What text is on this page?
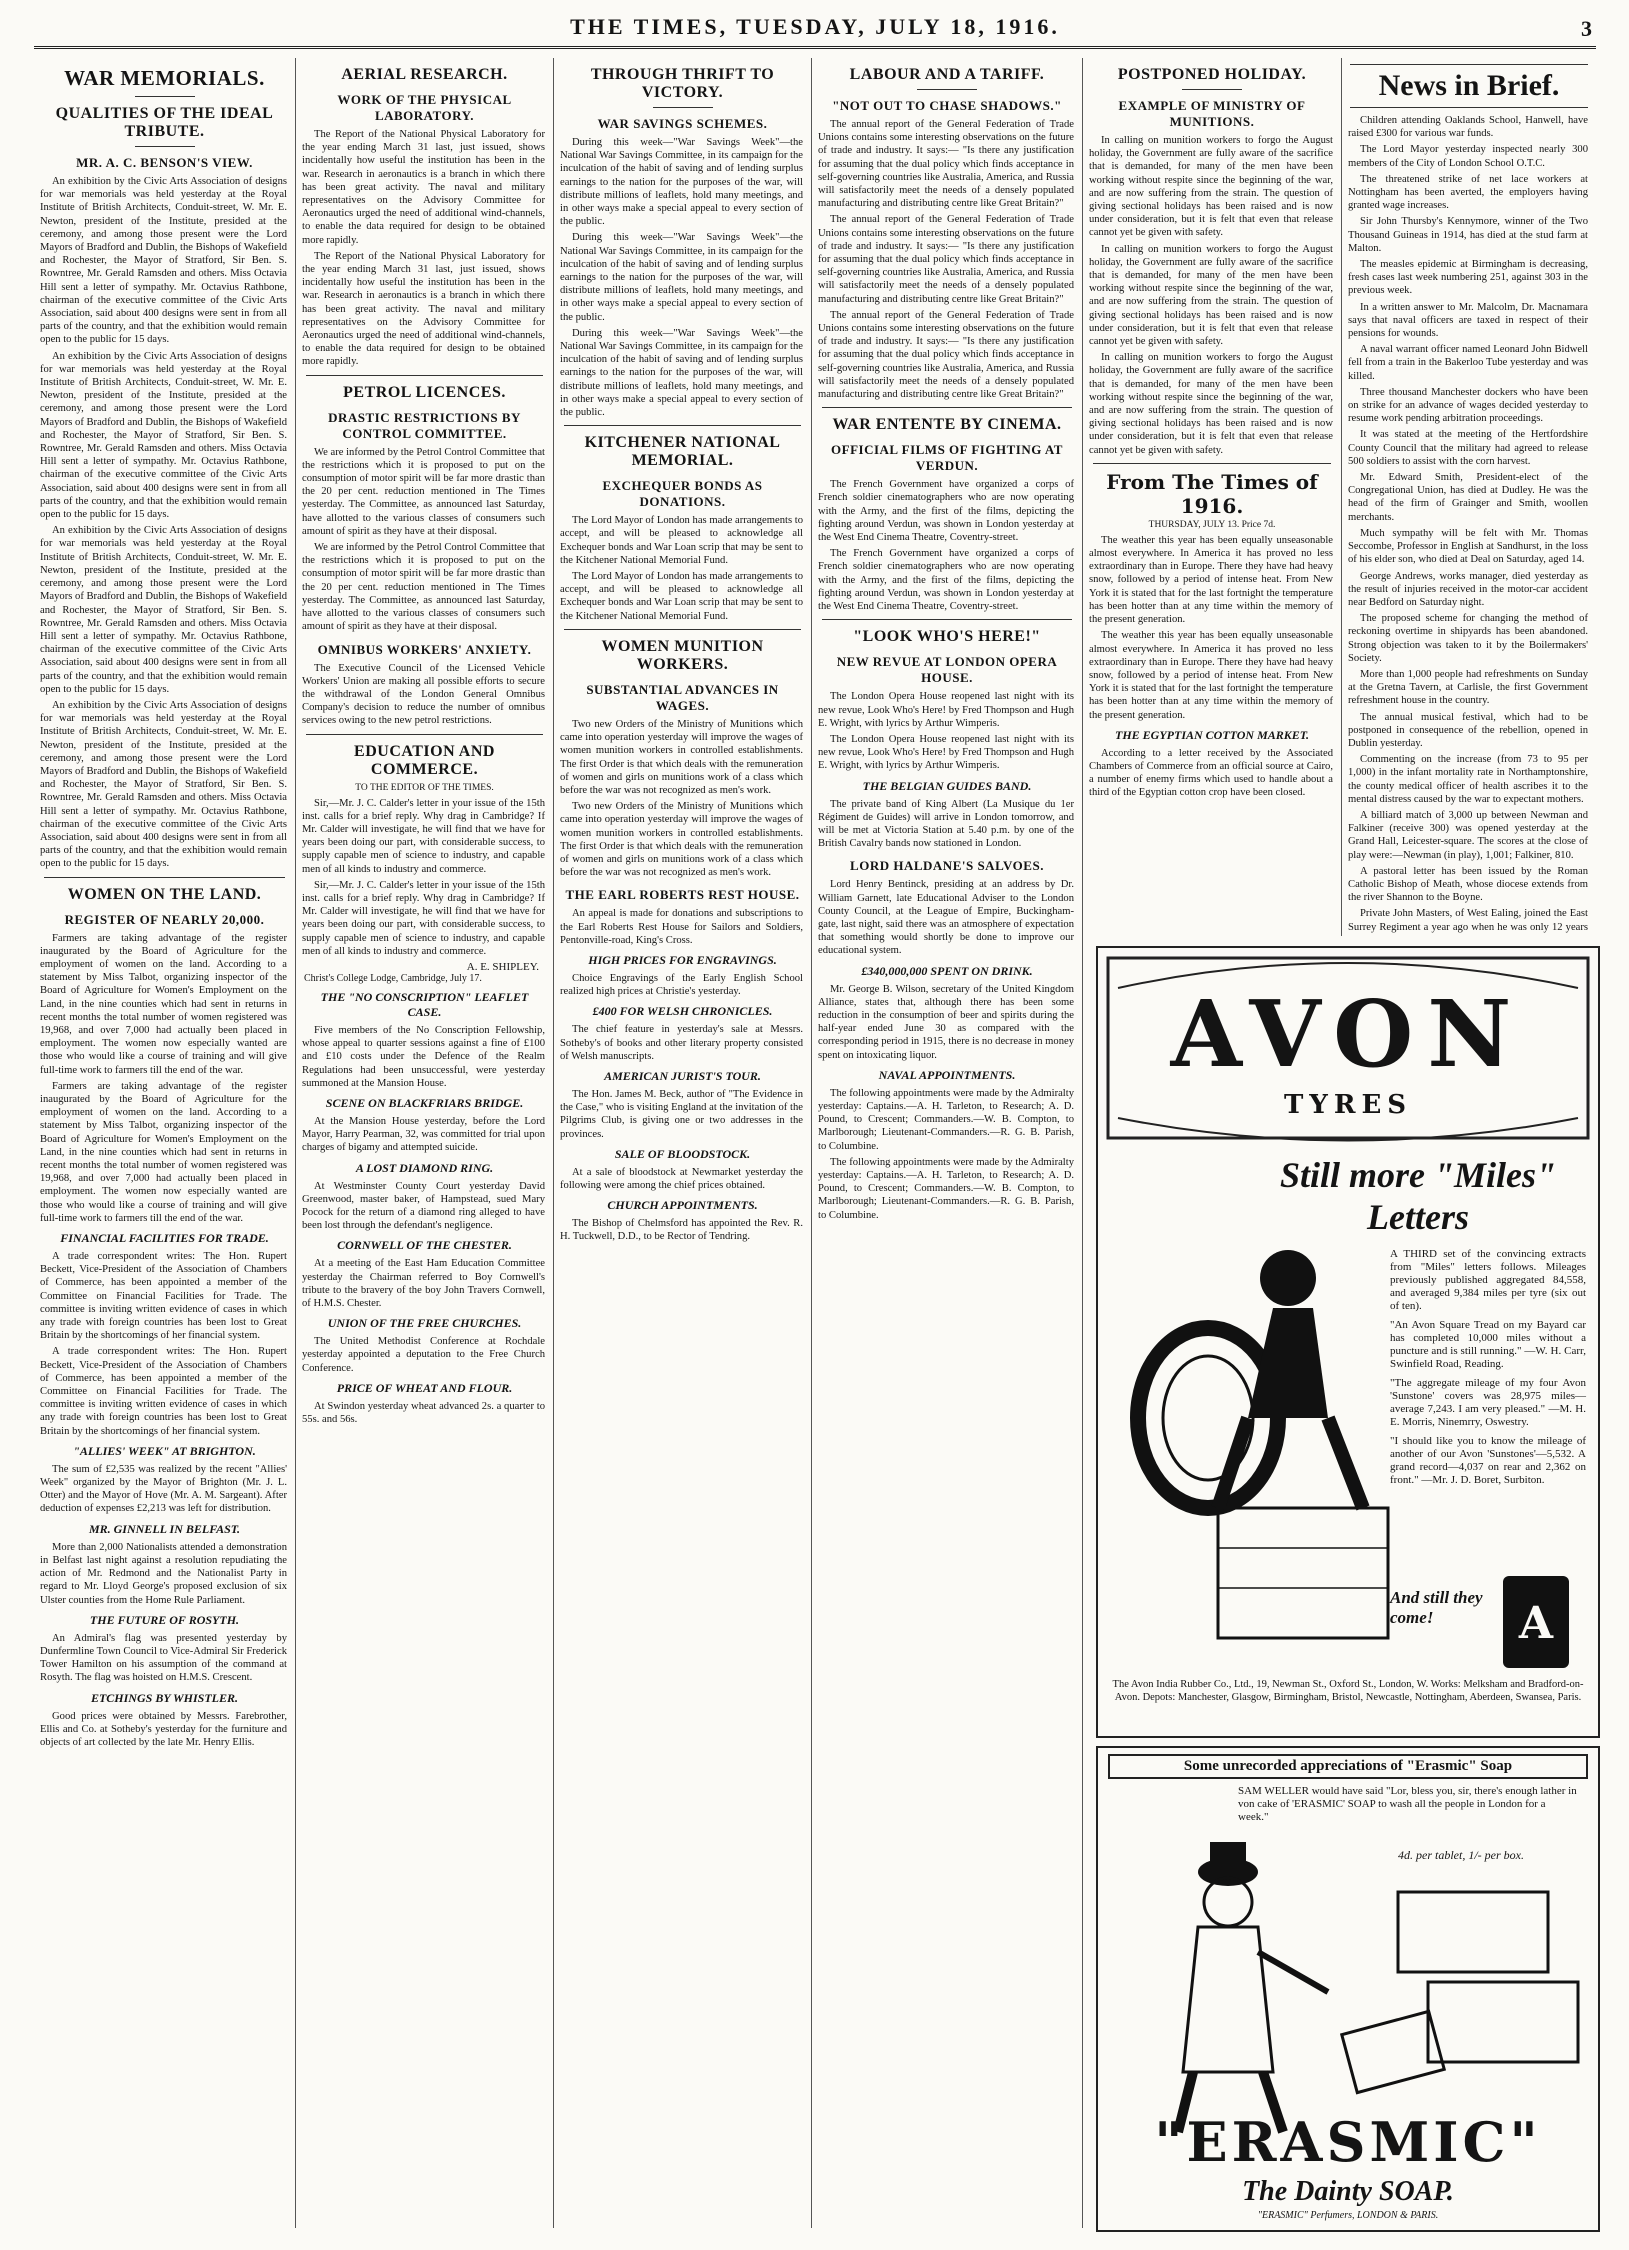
THE TIMES, TUESDAY, JULY 18, 1916.	3
WAR MEMORIALS.
QUALITIES OF THE IDEAL TRIBUTE.
MR. A. C. BENSON'S VIEW.

An exhibition by the Civic Arts Association of designs for war memorials was held yesterday at the Royal Institute of British Architects, Conduit-street, W. Mr. E. Newton, president of the Institute, presided at the ceremony, and among those present were the Lord Mayors of Bradford and Dublin, the Bishops of Wakefield and Rochester, the Mayor of Stratford, Sir Ben. S. Rowntree, Mr. Gerald Ramsden and others. Miss Octavia Hill sent a letter of sympathy. Mr. Octavius Rathbone, chairman of the executive committee of the Civic Arts Association, said about 400 designs were sent in from all parts of the country, and that the exhibition would remain open to the public for 15 days.

An exhibition by the Civic Arts Association of designs for war memorials was held yesterday at the Royal Institute of British Architects, Conduit-street, W. Mr. E. Newton, president of the Institute, presided at the ceremony, and among those present were the Lord Mayors of Bradford and Dublin, the Bishops of Wakefield and Rochester, the Mayor of Stratford, Sir Ben. S. Rowntree, Mr. Gerald Ramsden and others. Miss Octavia Hill sent a letter of sympathy. Mr. Octavius Rathbone, chairman of the executive committee of the Civic Arts Association, said about 400 designs were sent in from all parts of the country, and that the exhibition would remain open to the public for 15 days.

An exhibition by the Civic Arts Association of designs for war memorials was held yesterday at the Royal Institute of British Architects, Conduit-street, W. Mr. E. Newton, president of the Institute, presided at the ceremony, and among those present were the Lord Mayors of Bradford and Dublin, the Bishops of Wakefield and Rochester, the Mayor of Stratford, Sir Ben. S. Rowntree, Mr. Gerald Ramsden and others. Miss Octavia Hill sent a letter of sympathy. Mr. Octavius Rathbone, chairman of the executive committee of the Civic Arts Association, said about 400 designs were sent in from all parts of the country, and that the exhibition would remain open to the public for 15 days.

An exhibition by the Civic Arts Association of designs for war memorials was held yesterday at the Royal Institute of British Architects, Conduit-street, W. Mr. E. Newton, president of the Institute, presided at the ceremony, and among those present were the Lord Mayors of Bradford and Dublin, the Bishops of Wakefield and Rochester, the Mayor of Stratford, Sir Ben. S. Rowntree, Mr. Gerald Ramsden and others. Miss Octavia Hill sent a letter of sympathy. Mr. Octavius Rathbone, chairman of the executive committee of the Civic Arts Association, said about 400 designs were sent in from all parts of the country, and that the exhibition would remain open to the public for 15 days.

WOMEN ON THE LAND.
REGISTER OF NEARLY 20,000.

Farmers are taking advantage of the register inaugurated by the Board of Agriculture for the employment of women on the land. According to a statement by Miss Talbot, organizing inspector of the Board of Agriculture for Women's Employment on the Land, in the nine counties which had sent in returns in recent months the total number of women registered was 19,968, and over 7,000 had actually been placed in employment. The women now especially wanted are those who would like a course of training and will give full-time work to farmers till the end of the war.

Farmers are taking advantage of the register inaugurated by the Board of Agriculture for the employment of women on the land. According to a statement by Miss Talbot, organizing inspector of the Board of Agriculture for Women's Employment on the Land, in the nine counties which had sent in returns in recent months the total number of women registered was 19,968, and over 7,000 had actually been placed in employment. The women now especially wanted are those who would like a course of training and will give full-time work to farmers till the end of the war.

FINANCIAL FACILITIES FOR TRADE.

A trade correspondent writes: The Hon. Rupert Beckett, Vice-President of the Association of Chambers of Commerce, has been appointed a member of the Committee on Financial Facilities for Trade. The committee is inviting written evidence of cases in which any trade with foreign countries has been lost to Great Britain by the shortcomings of her financial system.

A trade correspondent writes: The Hon. Rupert Beckett, Vice-President of the Association of Chambers of Commerce, has been appointed a member of the Committee on Financial Facilities for Trade. The committee is inviting written evidence of cases in which any trade with foreign countries has been lost to Great Britain by the shortcomings of her financial system.

"ALLIES' WEEK" AT BRIGHTON.

The sum of £2,535 was realized by the recent "Allies' Week" organized by the Mayor of Brighton (Mr. J. L. Otter) and the Mayor of Hove (Mr. A. M. Sargeant). After deduction of expenses £2,213 was left for distribution.

MR. GINNELL IN BELFAST.

More than 2,000 Nationalists attended a demonstration in Belfast last night against a resolution repudiating the action of Mr. Redmond and the Nationalist Party in regard to Mr. Lloyd George's proposed exclusion of six Ulster counties from the Home Rule Parliament.

THE FUTURE OF ROSYTH.

An Admiral's flag was presented yesterday by Dunfermline Town Council to Vice-Admiral Sir Frederick Tower Hamilton on his assumption of the command at Rosyth. The flag was hoisted on H.M.S. Crescent.

ETCHINGS BY WHISTLER.

Good prices were obtained by Messrs. Farebrother, Ellis and Co. at Sotheby's yesterday for the furniture and objects of art collected by the late Mr. Henry Ellis.

AERIAL RESEARCH.
WORK OF THE PHYSICAL LABORATORY.

The Report of the National Physical Laboratory for the year ending March 31 last, just issued, shows incidentally how useful the institution has been in the war. Research in aeronautics is a branch in which there has been great activity. The naval and military representatives on the Advisory Committee for Aeronautics urged the need of additional wind-channels, to enable the data required for design to be obtained more rapidly.

The Report of the National Physical Laboratory for the year ending March 31 last, just issued, shows incidentally how useful the institution has been in the war. Research in aeronautics is a branch in which there has been great activity. The naval and military representatives on the Advisory Committee for Aeronautics urged the need of additional wind-channels, to enable the data required for design to be obtained more rapidly.

PETROL LICENCES.
DRASTIC RESTRICTIONS BY CONTROL COMMITTEE.

We are informed by the Petrol Control Committee that the restrictions which it is proposed to put on the consumption of motor spirit will be far more drastic than the 20 per cent. reduction mentioned in The Times yesterday. The Committee, as announced last Saturday, have allotted to the various classes of consumers such amount of spirit as they have at their disposal.

We are informed by the Petrol Control Committee that the restrictions which it is proposed to put on the consumption of motor spirit will be far more drastic than the 20 per cent. reduction mentioned in The Times yesterday. The Committee, as announced last Saturday, have allotted to the various classes of consumers such amount of spirit as they have at their disposal.

OMNIBUS WORKERS' ANXIETY.

The Executive Council of the Licensed Vehicle Workers' Union are making all possible efforts to secure the withdrawal of the London General Omnibus Company's decision to reduce the number of omnibus services owing to the new petrol restrictions.

EDUCATION AND COMMERCE.
TO THE EDITOR OF THE TIMES.

Sir,—Mr. J. C. Calder's letter in your issue of the 15th inst. calls for a brief reply. Why drag in Cambridge? If Mr. Calder will investigate, he will find that we have for years been doing our part, with considerable success, to supply capable men of science to industry, and capable men of all kinds to industry and commerce.

Sir,—Mr. J. C. Calder's letter in your issue of the 15th inst. calls for a brief reply. Why drag in Cambridge? If Mr. Calder will investigate, he will find that we have for years been doing our part, with considerable success, to supply capable men of science to industry, and capable men of all kinds to industry and commerce.

A. E. SHIPLEY.
Christ's College Lodge, Cambridge, July 17.
THE "NO CONSCRIPTION" LEAFLET CASE.

Five members of the No Conscription Fellowship, whose appeal to quarter sessions against a fine of £100 and £10 costs under the Defence of the Realm Regulations had been unsuccessful, were yesterday summoned at the Mansion House.

SCENE ON BLACKFRIARS BRIDGE.

At the Mansion House yesterday, before the Lord Mayor, Harry Pearman, 32, was committed for trial upon charges of bigamy and attempted suicide.

A LOST DIAMOND RING.

At Westminster County Court yesterday David Greenwood, master baker, of Hampstead, sued Mary Pocock for the return of a diamond ring alleged to have been lost through the defendant's negligence.

CORNWELL OF THE CHESTER.

At a meeting of the East Ham Education Committee yesterday the Chairman referred to Boy Cornwell's tribute to the bravery of the boy John Travers Cornwell, of H.M.S. Chester.

UNION OF THE FREE CHURCHES.

The United Methodist Conference at Rochdale yesterday appointed a deputation to the Free Church Conference.

PRICE OF WHEAT AND FLOUR.

At Swindon yesterday wheat advanced 2s. a quarter to 55s. and 56s.

THROUGH THRIFT TO VICTORY.
WAR SAVINGS SCHEMES.

During this week—"War Savings Week"—the National War Savings Committee, in its campaign for the inculcation of the habit of saving and of lending surplus earnings to the nation for the purposes of the war, will distribute millions of leaflets, hold many meetings, and in other ways make a special appeal to every section of the public.

During this week—"War Savings Week"—the National War Savings Committee, in its campaign for the inculcation of the habit of saving and of lending surplus earnings to the nation for the purposes of the war, will distribute millions of leaflets, hold many meetings, and in other ways make a special appeal to every section of the public.

During this week—"War Savings Week"—the National War Savings Committee, in its campaign for the inculcation of the habit of saving and of lending surplus earnings to the nation for the purposes of the war, will distribute millions of leaflets, hold many meetings, and in other ways make a special appeal to every section of the public.

KITCHENER NATIONAL MEMORIAL.
EXCHEQUER BONDS AS DONATIONS.

The Lord Mayor of London has made arrangements to accept, and will be pleased to acknowledge all Exchequer bonds and War Loan scrip that may be sent to the Kitchener National Memorial Fund.

The Lord Mayor of London has made arrangements to accept, and will be pleased to acknowledge all Exchequer bonds and War Loan scrip that may be sent to the Kitchener National Memorial Fund.

WOMEN MUNITION WORKERS.
SUBSTANTIAL ADVANCES IN WAGES.

Two new Orders of the Ministry of Munitions which came into operation yesterday will improve the wages of women munition workers in controlled establishments. The first Order is that which deals with the remuneration of women and girls on munitions work of a class which before the war was not recognized as men's work.

Two new Orders of the Ministry of Munitions which came into operation yesterday will improve the wages of women munition workers in controlled establishments. The first Order is that which deals with the remuneration of women and girls on munitions work of a class which before the war was not recognized as men's work.

THE EARL ROBERTS REST HOUSE.

An appeal is made for donations and subscriptions to the Earl Roberts Rest House for Sailors and Soldiers, Pentonville-road, King's Cross.

HIGH PRICES FOR ENGRAVINGS.

Choice Engravings of the Early English School realized high prices at Christie's yesterday.

£400 FOR WELSH CHRONICLES.

The chief feature in yesterday's sale at Messrs. Sotheby's of books and other literary property consisted of Welsh manuscripts.

AMERICAN JURIST'S TOUR.

The Hon. James M. Beck, author of "The Evidence in the Case," who is visiting England at the invitation of the Pilgrims Club, is giving one or two addresses in the provinces.

SALE OF BLOODSTOCK.

At a sale of bloodstock at Newmarket yesterday the following were among the chief prices obtained.

CHURCH APPOINTMENTS.

The Bishop of Chelmsford has appointed the Rev. R. H. Tuckwell, D.D., to be Rector of Tendring.

LABOUR AND A TARIFF.
"NOT OUT TO CHASE SHADOWS."

The annual report of the General Federation of Trade Unions contains some interesting observations on the future of trade and industry. It says:— "Is there any justification for assuming that the dual policy which finds acceptance in self-governing countries like Australia, America, and Russia will satisfactorily meet the needs of a densely populated manufacturing and distributing centre like Great Britain?"

The annual report of the General Federation of Trade Unions contains some interesting observations on the future of trade and industry. It says:— "Is there any justification for assuming that the dual policy which finds acceptance in self-governing countries like Australia, America, and Russia will satisfactorily meet the needs of a densely populated manufacturing and distributing centre like Great Britain?"

The annual report of the General Federation of Trade Unions contains some interesting observations on the future of trade and industry. It says:— "Is there any justification for assuming that the dual policy which finds acceptance in self-governing countries like Australia, America, and Russia will satisfactorily meet the needs of a densely populated manufacturing and distributing centre like Great Britain?"

WAR ENTENTE BY CINEMA.
OFFICIAL FILMS OF FIGHTING AT VERDUN.

The French Government have organized a corps of French soldier cinematographers who are now operating with the Army, and the first of the films, depicting the fighting around Verdun, was shown in London yesterday at the West End Cinema Theatre, Coventry-street.

The French Government have organized a corps of French soldier cinematographers who are now operating with the Army, and the first of the films, depicting the fighting around Verdun, was shown in London yesterday at the West End Cinema Theatre, Coventry-street.

"LOOK WHO'S HERE!"
NEW REVUE AT LONDON OPERA HOUSE.

The London Opera House reopened last night with its new revue, Look Who's Here! by Fred Thompson and Hugh E. Wright, with lyrics by Arthur Wimperis.

The London Opera House reopened last night with its new revue, Look Who's Here! by Fred Thompson and Hugh E. Wright, with lyrics by Arthur Wimperis.

THE BELGIAN GUIDES BAND.

The private band of King Albert (La Musique du 1er Régiment de Guides) will arrive in London tomorrow, and will be met at Victoria Station at 5.40 p.m. by one of the British Cavalry bands now stationed in London.

LORD HALDANE'S SALVOES.

Lord Henry Bentinck, presiding at an address by Dr. William Garnett, late Educational Adviser to the London County Council, at the League of Empire, Buckingham-gate, last night, said there was an atmosphere of expectation that something would shortly be done to improve our educational system.

£340,000,000 SPENT ON DRINK.

Mr. George B. Wilson, secretary of the United Kingdom Alliance, states that, although there has been some reduction in the consumption of beer and spirits during the half-year ended June 30 as compared with the corresponding period in 1915, there is no decrease in money spent on intoxicating liquor.

NAVAL APPOINTMENTS.

The following appointments were made by the Admiralty yesterday: Captains.—A. H. Tarleton, to Research; A. D. Pound, to Crescent; Commanders.—W. B. Compton, to Marlborough; Lieutenant-Commanders.—R. G. B. Parish, to Columbine.

The following appointments were made by the Admiralty yesterday: Captains.—A. H. Tarleton, to Research; A. D. Pound, to Crescent; Commanders.—W. B. Compton, to Marlborough; Lieutenant-Commanders.—R. G. B. Parish, to Columbine.

POSTPONED HOLIDAY.
EXAMPLE OF MINISTRY OF MUNITIONS.

In calling on munition workers to forgo the August holiday, the Government are fully aware of the sacrifice that is demanded, for many of the men have been working without respite since the beginning of the war, and are now suffering from the strain. The question of giving sectional holidays has been raised and is now under consideration, but it is felt that even that release cannot yet be given with safety.

In calling on munition workers to forgo the August holiday, the Government are fully aware of the sacrifice that is demanded, for many of the men have been working without respite since the beginning of the war, and are now suffering from the strain. The question of giving sectional holidays has been raised and is now under consideration, but it is felt that even that release cannot yet be given with safety.

In calling on munition workers to forgo the August holiday, the Government are fully aware of the sacrifice that is demanded, for many of the men have been working without respite since the beginning of the war, and are now suffering from the strain. The question of giving sectional holidays has been raised and is now under consideration, but it is felt that even that release cannot yet be given with safety.

From The Times of 1916.
THURSDAY, JULY 13. Price 7d.

The weather this year has been equally unseasonable almost everywhere. In America it has proved no less extraordinary than in Europe. There they have had heavy snow, followed by a period of intense heat. From New York it is stated that for the last fortnight the temperature has been hotter than at any time within the memory of the present generation.

The weather this year has been equally unseasonable almost everywhere. In America it has proved no less extraordinary than in Europe. There they have had heavy snow, followed by a period of intense heat. From New York it is stated that for the last fortnight the temperature has been hotter than at any time within the memory of the present generation.

THE EGYPTIAN COTTON MARKET.

According to a letter received by the Associated Chambers of Commerce from an official source at Cairo, a number of enemy firms which used to handle about a third of the Egyptian cotton crop have been closed.

News in Brief.

Children attending Oaklands School, Hanwell, have raised £300 for various war funds.

The Lord Mayor yesterday inspected nearly 300 members of the City of London School O.T.C.

The threatened strike of net lace workers at Nottingham has been averted, the employers having granted wage increases.

Sir John Thursby's Kennymore, winner of the Two Thousand Guineas in 1914, has died at the stud farm at Malton.

The measles epidemic at Birmingham is decreasing, fresh cases last week numbering 251, against 303 in the previous week.

In a written answer to Mr. Malcolm, Dr. Macnamara says that naval officers are taxed in respect of their pensions for wounds.

A naval warrant officer named Leonard John Bidwell fell from a train in the Bakerloo Tube yesterday and was killed.

Three thousand Manchester dockers who have been on strike for an advance of wages decided yesterday to resume work pending arbitration proceedings.

It was stated at the meeting of the Hertfordshire County Council that the military had agreed to release 500 soldiers to assist with the corn harvest.

Mr. Edward Smith, President-elect of the Congregational Union, has died at Dudley. He was the head of the firm of Grainger and Smith, woollen merchants.

Much sympathy will be felt with Mr. Thomas Seccombe, Professor in English at Sandhurst, in the loss of his elder son, who died at Deal on Saturday, aged 14.

George Andrews, works manager, died yesterday as the result of injuries received in the motor-car accident near Bedford on Saturday night.

The proposed scheme for changing the method of reckoning overtime in shipyards has been abandoned. Strong objection was taken to it by the Boilermakers' Society.

More than 1,000 people had refreshments on Sunday at the Gretna Tavern, at Carlisle, the first Government refreshment house in the country.

The annual musical festival, which had to be postponed in consequence of the rebellion, opened in Dublin yesterday.

Commenting on the increase (from 73 to 95 per 1,000) in the infant mortality rate in Northamptonshire, the county medical officer of health ascribes it to the mental distress caused by the war to expectant mothers.

A billiard match of 3,000 up between Newman and Falkiner (receive 300) was opened yesterday at the Grand Hall, Leicester-square. The scores at the close of play were:—Newman (in play), 1,001; Falkiner, 810.

A pastoral letter has been issued by the Roman Catholic Bishop of Meath, whose diocese extends from the river Shannon to the Boyne.

Private John Masters, of West Ealing, joined the East Surrey Regiment a year ago when he was only 12 years

A
AVON
TYRES
Still more "Miles" Letters
A THIRD set of the convincing extracts from "Miles" letters follows. Mileages previously published aggregated 84,558, and averaged 9,384 miles per tyre (six out of ten).
"An Avon Square Tread on my Bayard car has completed 10,000 miles without a puncture and is still running." —W. H. Carr, Swinfield Road, Reading.
"The aggregate mileage of my four Avon 'Sunstone' covers was 28,975 miles—average 7,243. I am very pleased." —M. H. E. Morris, Ninemrry, Oswestry.
"I should like you to know the mileage of another of our Avon 'Sunstones'—5,532. A grand record—4,037 on rear and 2,362 on front." —Mr. J. D. Boret, Surbiton.
And still they come!
The Avon India Rubber Co., Ltd., 19, Newman St., Oxford St., London, W. Works: Melksham and Bradford-on-Avon. Depots: Manchester, Glasgow, Birmingham, Bristol, Newcastle, Nottingham, Aberdeen, Swansea, Paris.
Some unrecorded appreciations of "Erasmic" Soap
SAM WELLER would have said "Lor, bless you, sir, there's enough lather in von cake of 'ERASMIC' SOAP to wash all the people in London for a week."
4d. per tablet, 1/- per box.
"ERASMIC"
The Dainty SOAP.
"ERASMIC" Perfumers, LONDON & PARIS.
